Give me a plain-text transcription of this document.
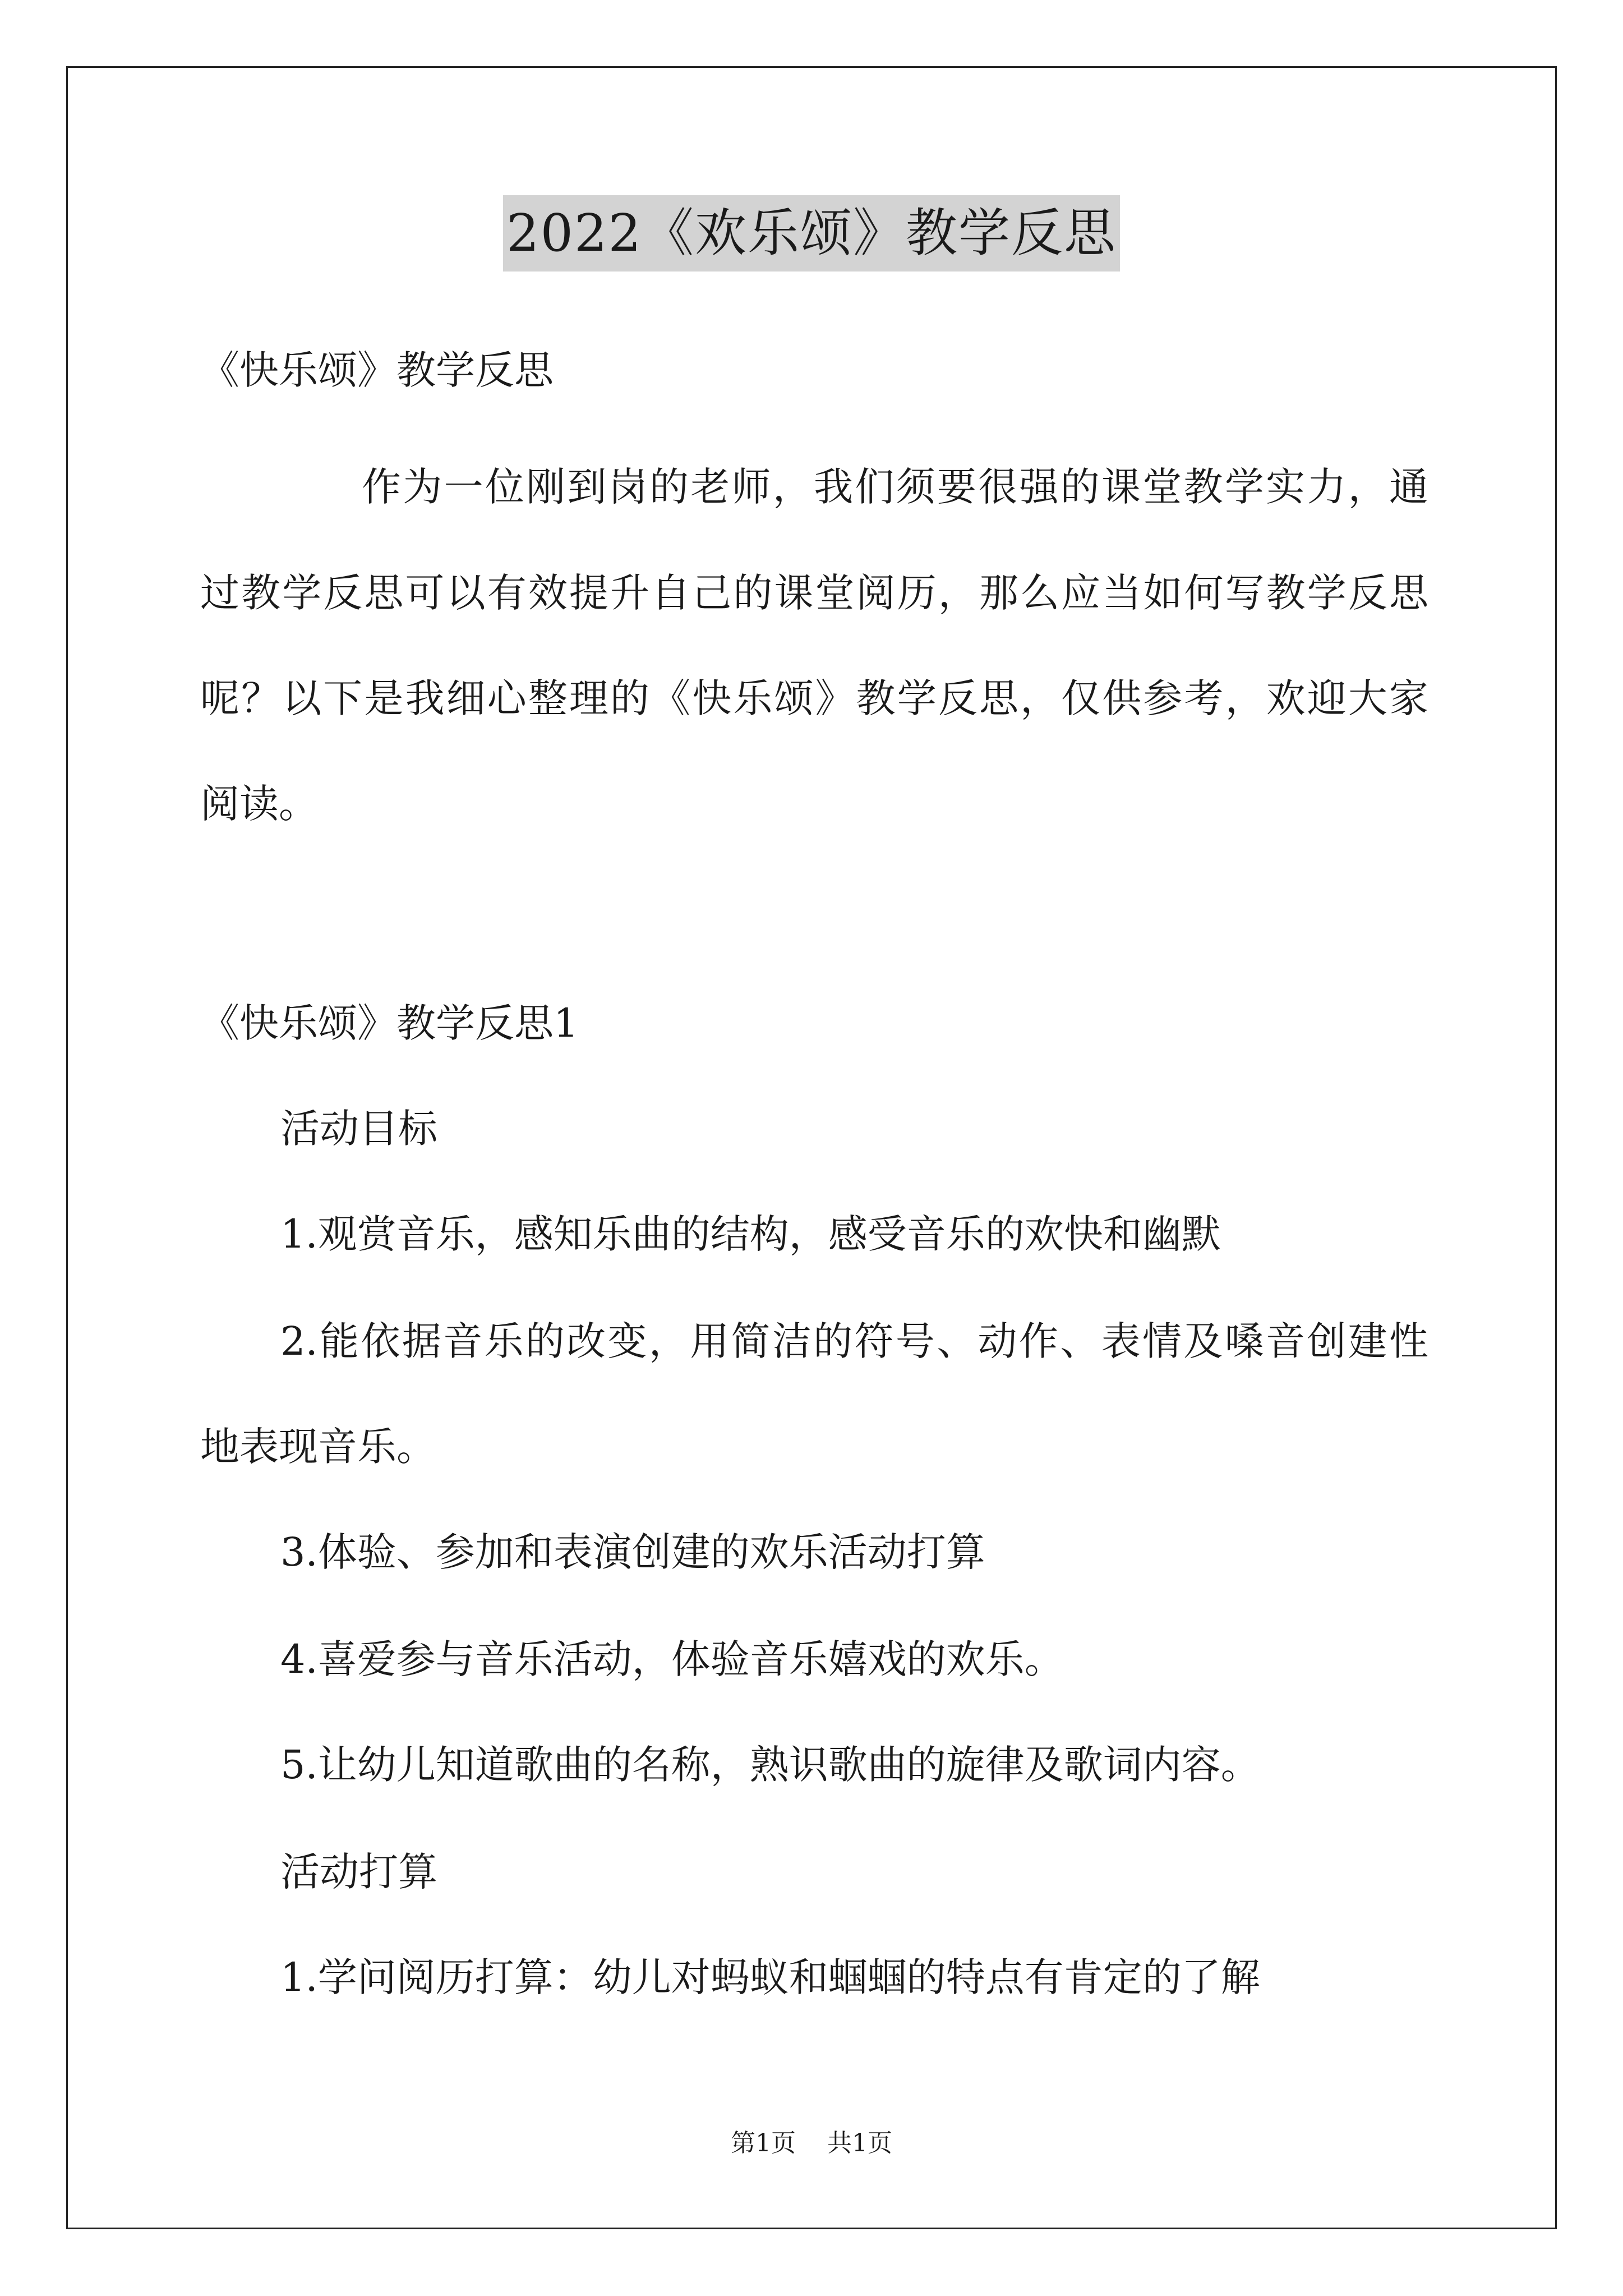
2022《欢乐颂》教学反思
《快乐颂》教学反思
作为一位刚到岗的老师，我们须要很强的课堂教学实力，通
过教学反思可以有效提升自己的课堂阅历，那么应当如何写教学反思
呢？以下是我细心整理的《快乐颂》教学反思，仅供参考，欢迎大家
阅读。
《快乐颂》教学反思1
活动目标
1.观赏音乐，感知乐曲的结构，感受音乐的欢快和幽默
2.能依据音乐的改变，用简洁的符号、动作、表情及嗓音创建性
地表现音乐。
3.体验、参加和表演创建的欢乐活动打算
4.喜爱参与音乐活动，体验音乐嬉戏的欢乐。
5.让幼儿知道歌曲的名称，熟识歌曲的旋律及歌词内容。
活动打算
1.学问阅历打算：幼儿对蚂蚁和蝈蝈的特点有肯定的了解
第1页    共1页
